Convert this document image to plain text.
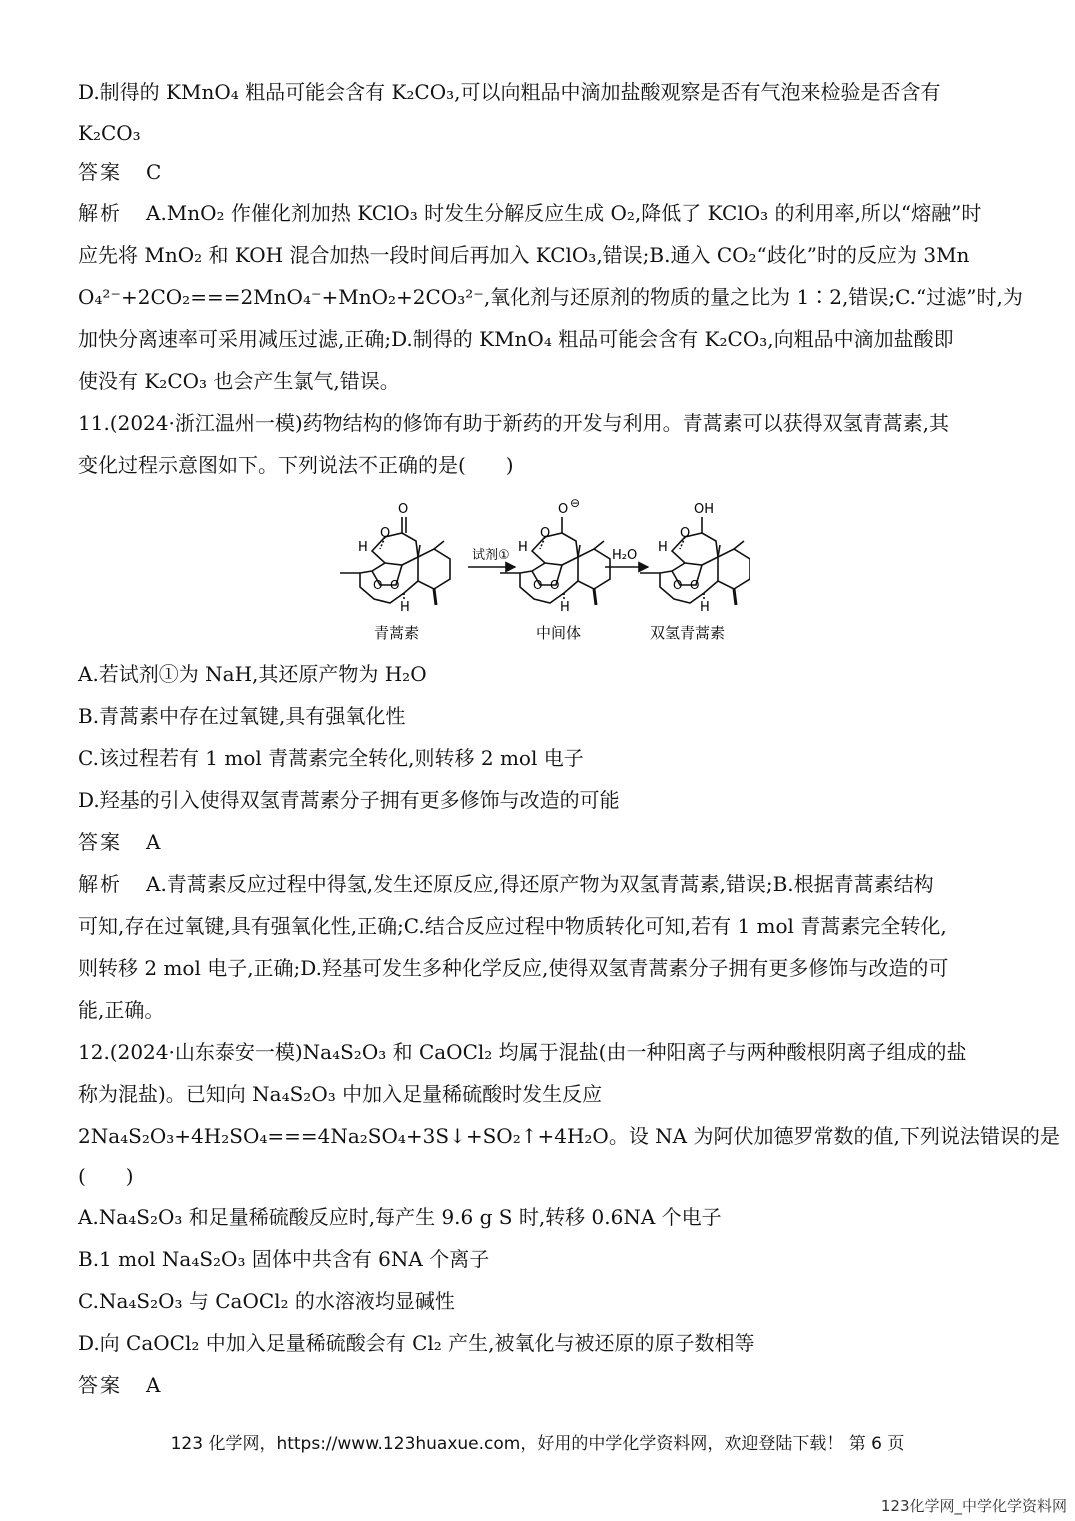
D.制得的 KMnO₄ 粗品可能会含有 K₂CO₃,可以向粗品中滴加盐酸观察是否有气泡来检验是否含有
K₂CO₃
答案 C
解析 A.MnO₂ 作催化剂加热 KClO₃ 时发生分解反应生成 O₂,降低了 KClO₃ 的利用率,所以“熔融”时
应先将 MnO₂ 和 KOH 混合加热一段时间后再加入 KClO₃,错误;B.通入 CO₂“歧化”时的反应为 3Mn
O₄²⁻+2CO₂===2MnO₄⁻+MnO₂+2CO₃²⁻,氧化剂与还原剂的物质的量之比为 1∶2,错误;C.“过滤”时,为
加快分离速率可采用减压过滤,正确;D.制得的 KMnO₄ 粗品可能会含有 K₂CO₃,向粗品中滴加盐酸即
使没有 K₂CO₃ 也会产生氯气,错误。
11.(2024·浙江温州一模)药物结构的修饰有助于新药的开发与利用。青蒿素可以获得双氢青蒿素,其
变化过程示意图如下。下列说法不正确的是(　　)
A.若试剂①为 NaH,其还原产物为 H₂O
B.青蒿素中存在过氧键,具有强氧化性
C.该过程若有 1 mol 青蒿素完全转化,则转移 2 mol 电子
D.羟基的引入使得双氢青蒿素分子拥有更多修饰与改造的可能
答案 A
解析 A.青蒿素反应过程中得氢,发生还原反应,得还原产物为双氢青蒿素,错误;B.根据青蒿素结构
可知,存在过氧键,具有强氧化性,正确;C.结合反应过程中物质转化可知,若有 1 mol 青蒿素完全转化,
则转移 2 mol 电子,正确;D.羟基可发生多种化学反应,使得双氢青蒿素分子拥有更多修饰与改造的可
能,正确。
12.(2024·山东泰安一模)Na₄S₂O₃ 和 CaOCl₂ 均属于混盐(由一种阳离子与两种酸根阴离子组成的盐
称为混盐)。已知向 Na₄S₂O₃ 中加入足量稀硫酸时发生反应
2Na₄S₂O₃+4H₂SO₄===4Na₂SO₄+3S↓+SO₂↑+4H₂O。设 NA 为阿伏加德罗常数的值,下列说法错误的是
(　　)
A.Na₄S₂O₃ 和足量稀硫酸反应时,每产生 9.6 g S 时,转移 0.6NA 个电子
B.1 mol Na₄S₂O₃ 固体中共含有 6NA 个离子
C.Na₄S₂O₃ 与 CaOCl₂ 的水溶液均显碱性
D.向 CaOCl₂ 中加入足量稀硫酸会有 Cl₂ 产生,被氧化与被还原的原子数相等
答案 A
O
O
H
O O
H
青蒿素
试剂①
O ⊖
O
H
O O
H
中间体
H₂O
OH
O
H
O O
H
双氢青蒿素
123 化学网，https://www.123huaxue.com，好用的中学化学资料网，欢迎登陆下载！ 第 6 页
123化学网_中学化学资料网
